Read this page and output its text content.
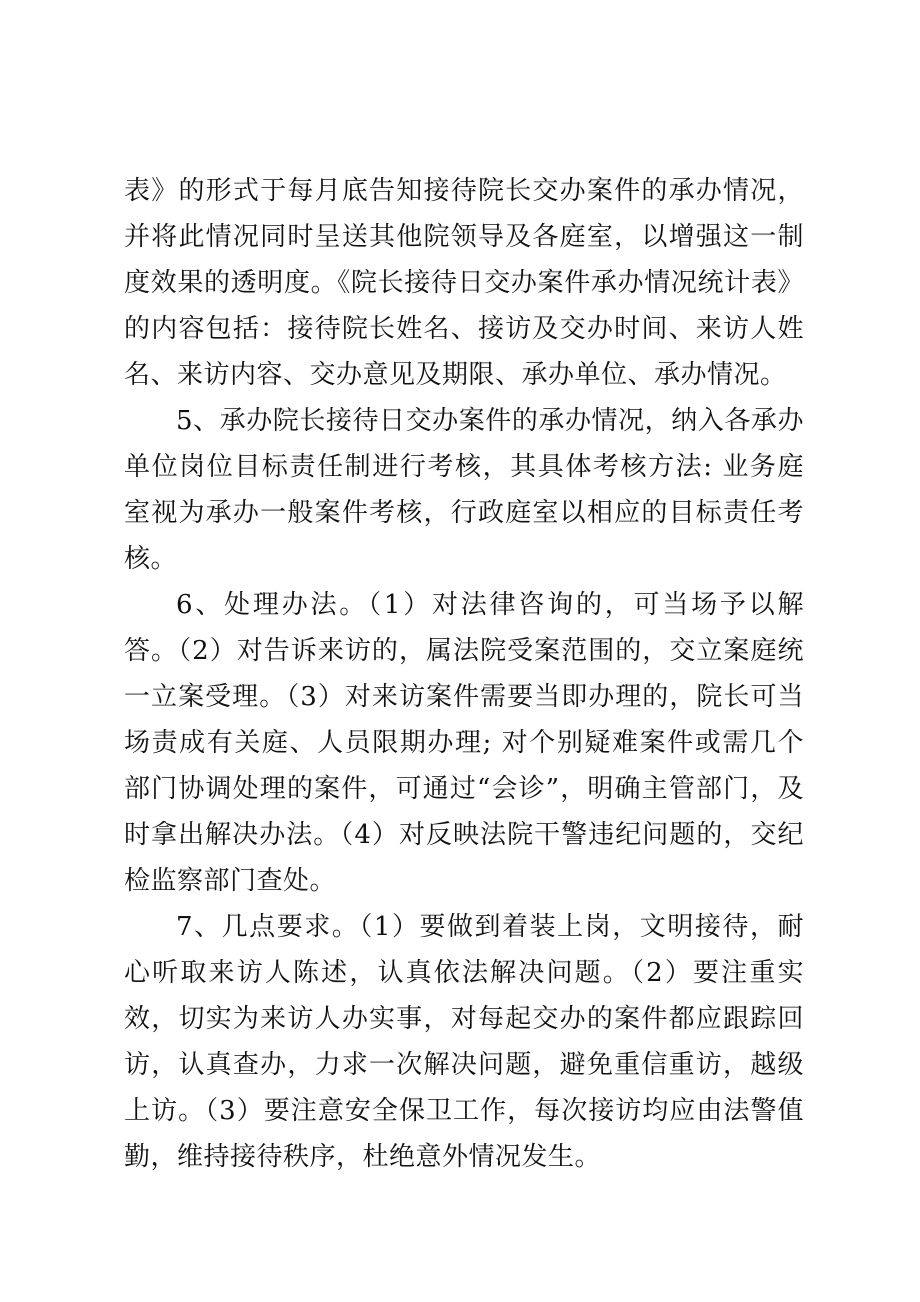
表》的形式于每月底告知接待院长交办案件的承办情况，并将此情况同时呈送其他院领导及各庭室，以增强这一制度效果的透明度。《院长接待日交办案件承办情况统计表》的内容包括：接待院长姓名、接访及交办时间、来访人姓名、来访内容、交办意见及期限、承办单位、承办情况。

5、承办院长接待日交办案件的承办情况，纳入各承办单位岗位目标责任制进行考核，其具体考核方法: 业务庭室视为承办一般案件考核，行政庭室以相应的目标责任考核。

6、处理办法。（1）对法律咨询的，可当场予以解答。（2）对告诉来访的，属法院受案范围的，交立案庭统一立案受理。（3）对来访案件需要当即办理的，院长可当场责成有关庭、人员限期办理; 对个别疑难案件或需几个部门协调处理的案件，可通过“会诊”，明确主管部门，及时拿出解决办法。（4）对反映法院干警违纪问题的，交纪检监察部门查处。

7、几点要求。（1）要做到着装上岗，文明接待，耐心听取来访人陈述，认真依法解决问题。（2）要注重实效，切实为来访人办实事，对每起交办的案件都应跟踪回访，认真查办，力求一次解决问题，避免重信重访，越级上访。（3）要注意安全保卫工作，每次接访均应由法警值勤，维持接待秩序，杜绝意外情况发生。
